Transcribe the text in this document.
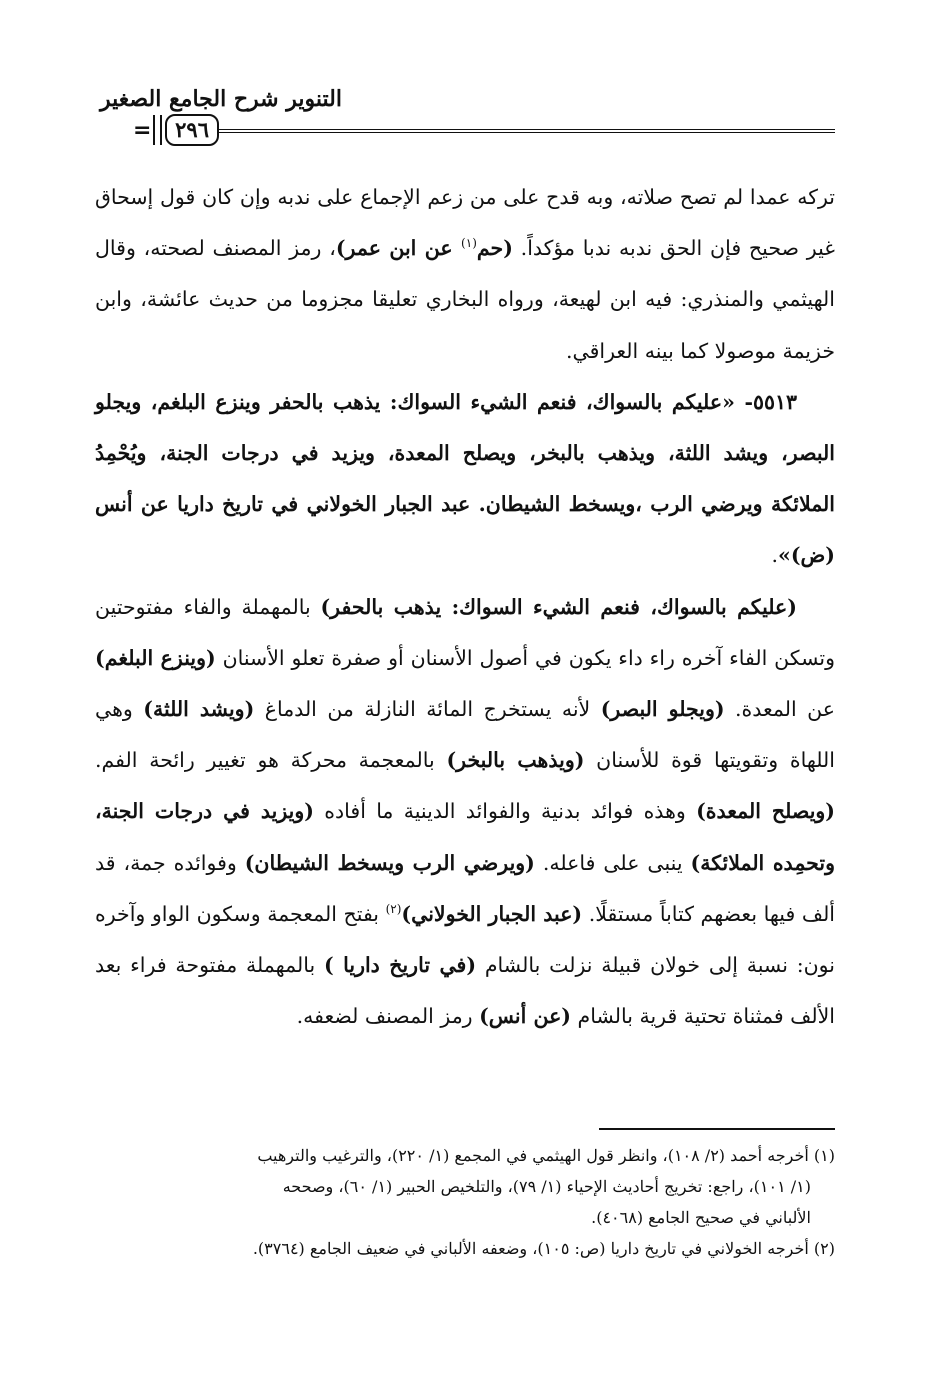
التنوير شرح الجامع الصغير
=	٢٩٦

تركه عمدا لم تصح صلاته، وبه قدح على من زعم الإجماع على ندبه وإن كان قول إسحاق غير صحيح فإن الحق ندبه ندبا مؤكداً. (حم$^{(١)}$ عن ابن عمر)، رمز المصنف لصحته، وقال الهيثمي والمنذري: فيه ابن لهيعة، ورواه البخاري تعليقا مجزوما من حديث عائشة، وابن خزيمة موصولا كما بينه العراقي.

٥٥١٣- «عليكم بالسواك، فنعم الشيء السواك: يذهب بالحفر وينزع البلغم، ويجلو البصر، ويشد اللثة، ويذهب بالبخر، ويصلح المعدة، ويزيد في درجات الجنة، ويُحْمِدُ الملائكة ويرضي الرب ،ويسخط الشيطان. عبد الجبار الخولاني في تاريخ داريا عن أنس (ض)».

(عليكم بالسواك، فنعم الشيء السواك: يذهب بالحفر) بالمهملة والفاء مفتوحتين وتسكن الفاء آخره راء داء يكون في أصول الأسنان أو صفرة تعلو الأسنان (وينزع البلغم) عن المعدة. (ويجلو البصر) لأنه يستخرج المائة النازلة من الدماغ (ويشد اللثة) وهي اللهاة وتقويتها قوة للأسنان (ويذهب بالبخر) بالمعجمة محركة هو تغيير رائحة الفم. (ويصلح المعدة) وهذه فوائد بدنية والفوائد الدينية ما أفاده (ويزيد في درجات الجنة، وتحمِده الملائكة) ينبى على فاعله. (ويرضي الرب ويسخط الشيطان) وفوائده جمة، قد ألف فيها بعضهم كتاباً مستقلًا. (عبد الجبار الخولاني)$^{(٢)}$ بفتح المعجمة وسكون الواو وآخره نون: نسبة إلى خولان قبيلة نزلت بالشام (في تاريخ داريا ) بالمهملة مفتوحة فراء بعد الألف فمثناة تحتية قرية بالشام (عن أنس) رمز المصنف لضعفه.

(١) أخرجه أحمد (٢/ ١٠٨)، وانظر قول الهيثمي في المجمع (١/ ٢٢٠)، والترغيب والترهيب

(١/ ١٠١)، راجع: تخريج أحاديث الإحياء (١/ ٧٩)، والتلخيص الحبير (١/ ٦٠)، وصححه

الألباني في صحيح الجامع (٤٠٦٨).

(٢) أخرجه الخولاني في تاريخ داريا (ص: ١٠٥)، وضعفه الألباني في ضعيف الجامع (٣٧٦٤).
